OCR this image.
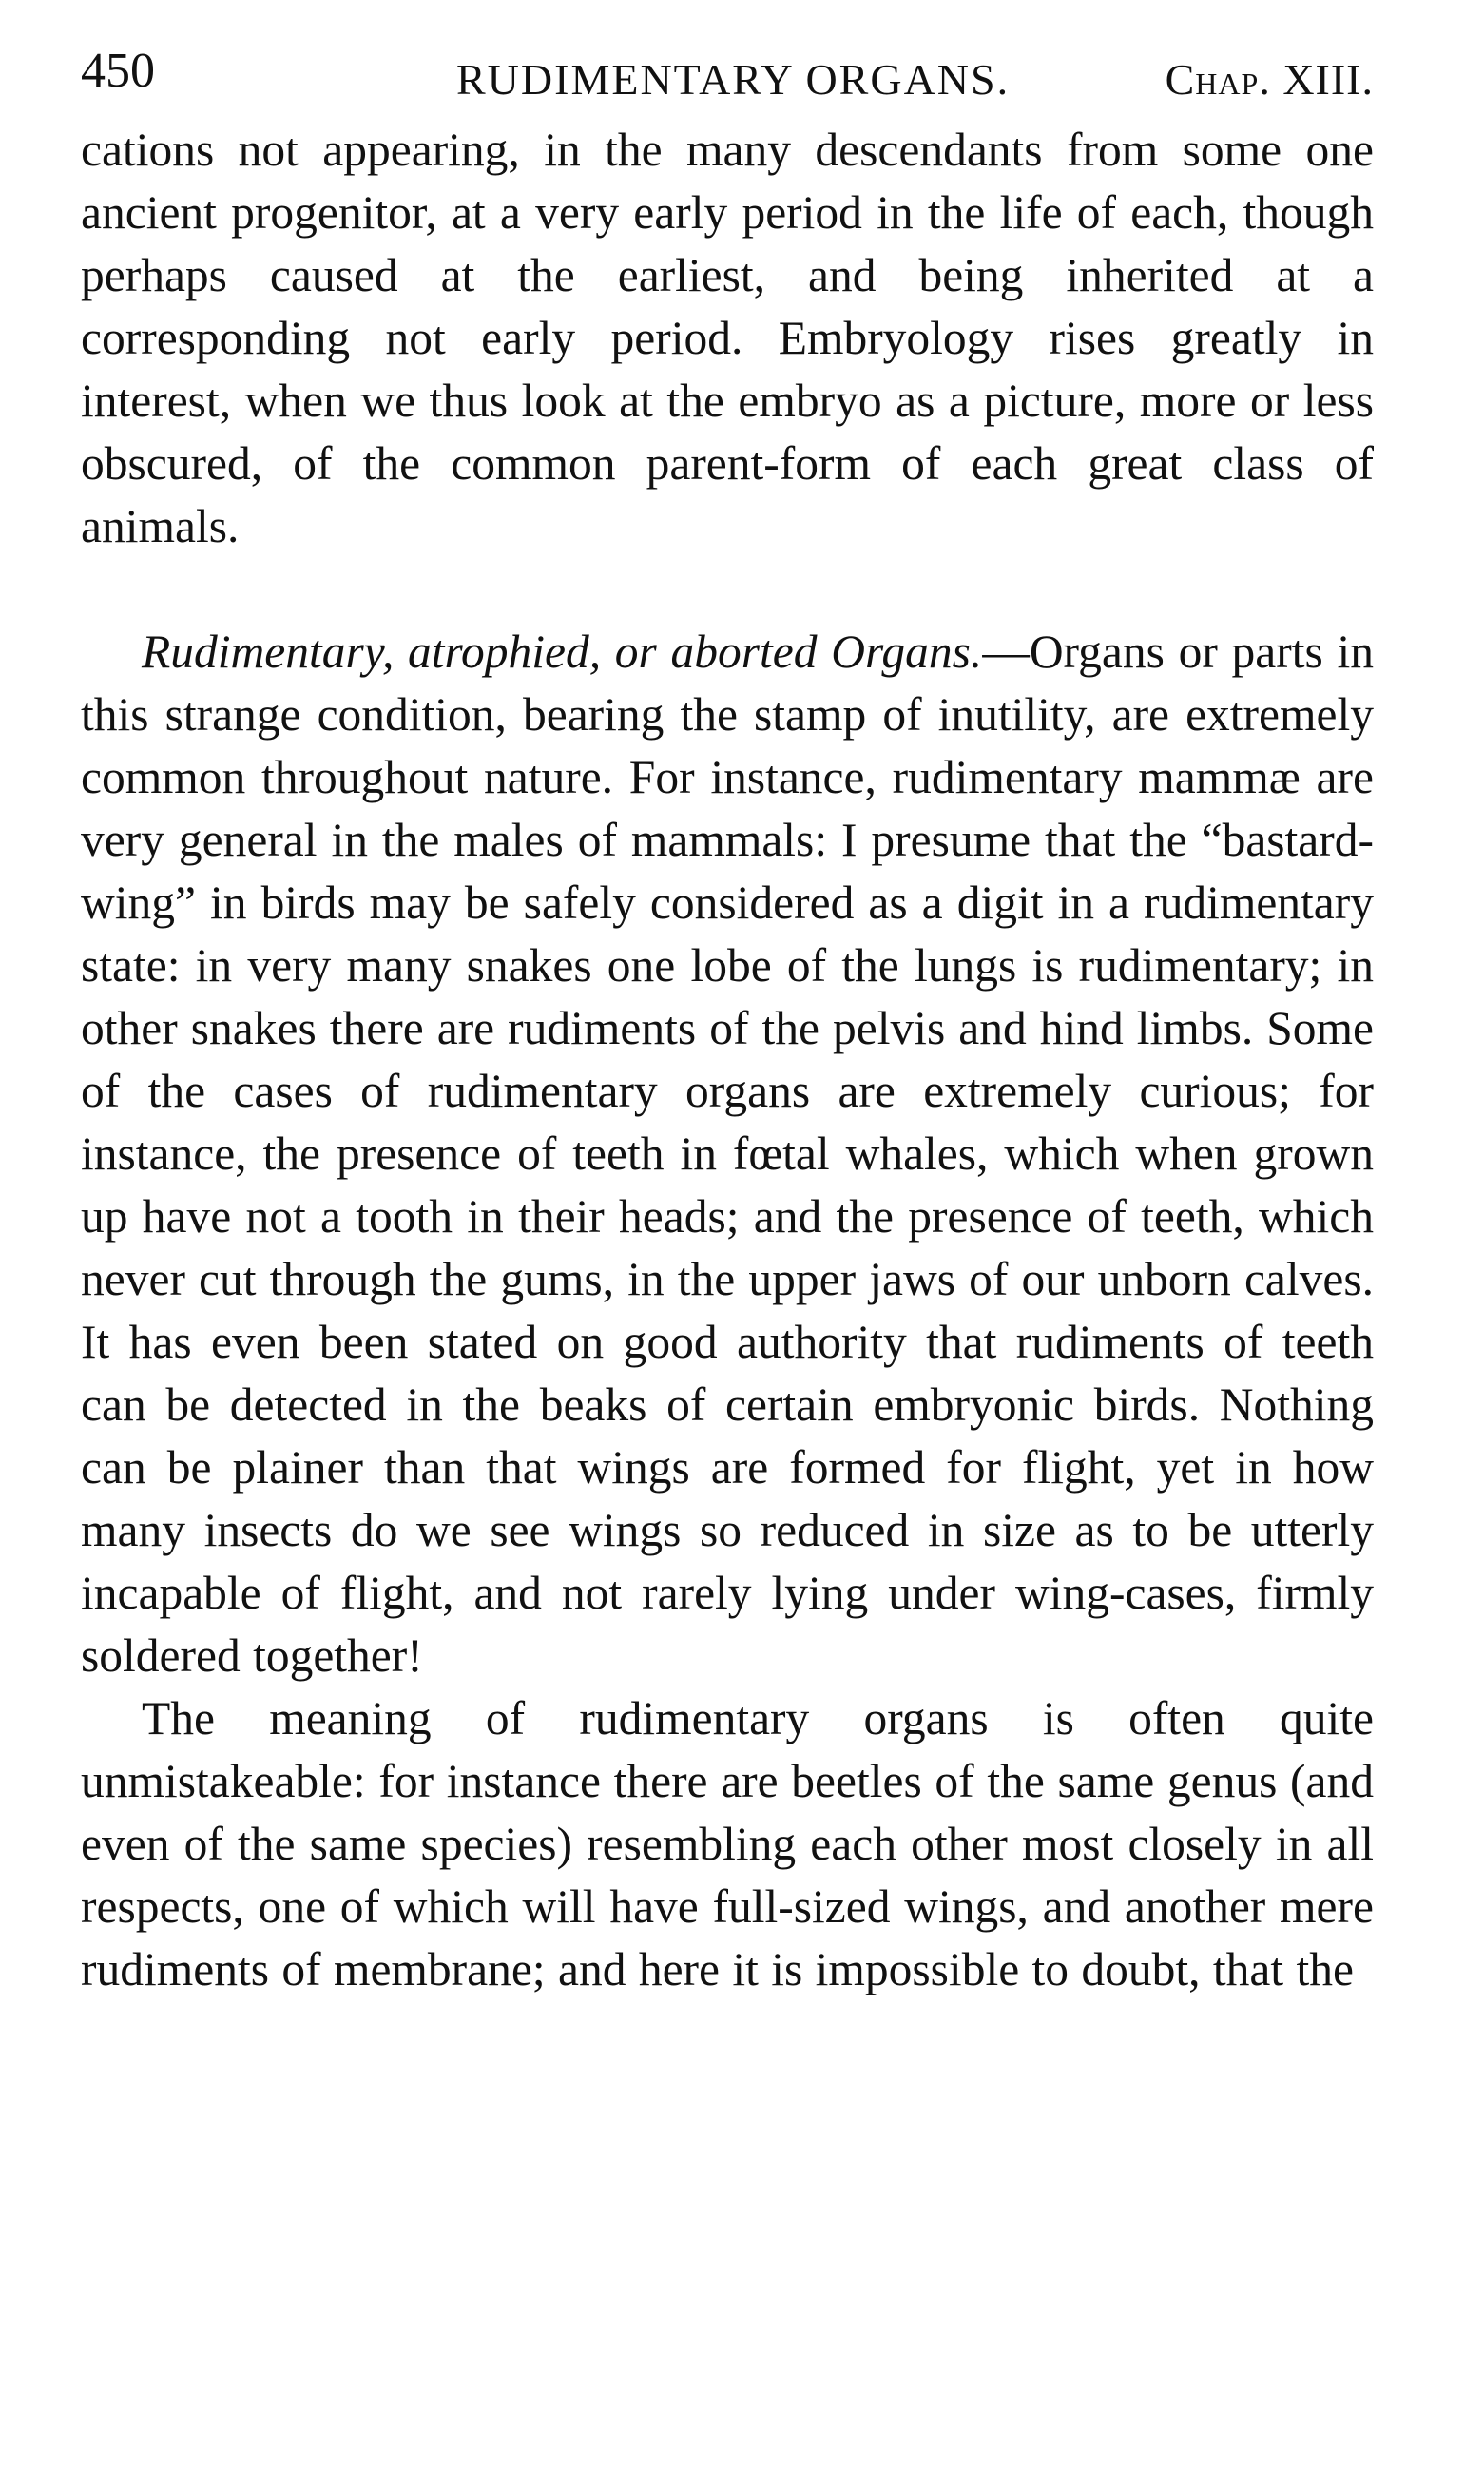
450	RUDIMENTARY ORGANS.	Chap. XIII.

cations not appearing, in the many descendants from some one ancient progenitor, at a very early period in the life of each, though perhaps caused at the earliest, and being inherited at a corresponding not early period. Embryology rises greatly in interest, when we thus look at the embryo as a picture, more or less obscured, of the common parent-form of each great class of animals.

Rudimentary, atrophied, or aborted Organs.—Organs or parts in this strange condition, bearing the stamp of inutility, are extremely common throughout nature. For instance, rudimentary mammæ are very general in the males of mammals: I presume that the “bastard-wing” in birds may be safely considered as a digit in a rudimentary state: in very many snakes one lobe of the lungs is rudimentary; in other snakes there are rudiments of the pelvis and hind limbs. Some of the cases of rudimentary organs are extremely curious; for instance, the presence of teeth in fœtal whales, which when grown up have not a tooth in their heads; and the presence of teeth, which never cut through the gums, in the upper jaws of our unborn calves. It has even been stated on good authority that rudiments of teeth can be detected in the beaks of certain embryonic birds. Nothing can be plainer than that wings are formed for flight, yet in how many insects do we see wings so reduced in size as to be utterly incapable of flight, and not rarely lying under wing-cases, firmly soldered together!

The meaning of rudimentary organs is often quite unmistakeable: for instance there are beetles of the same genus (and even of the same species) resembling each other most closely in all respects, one of which will have full-sized wings, and another mere rudiments of membrane; and here it is impossible to doubt, that the
